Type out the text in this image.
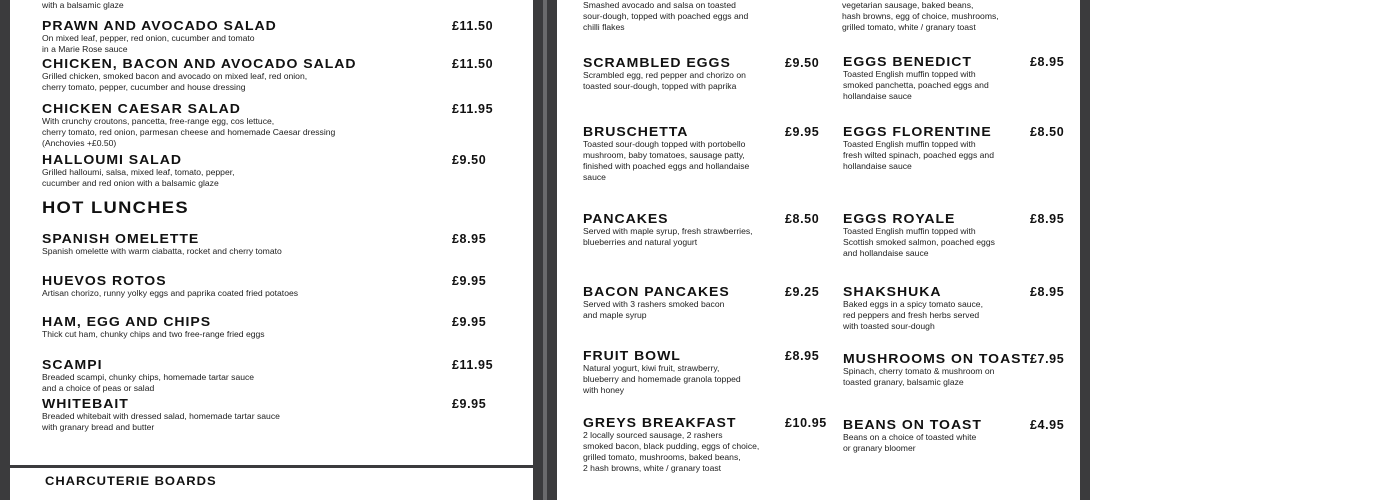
with a balsamic glaze
HOT LUNCHES
PRAWN AND AVOCADO SALAD
On mixed leaf, pepper, red onion, cucumber and tomato
in a Marie Rose sauce
£11.50
CHICKEN, BACON AND AVOCADO SALAD
Grilled chicken, smoked bacon and avocado on mixed leaf, red onion,
cherry tomato, pepper, cucumber and house dressing
£11.50
CHICKEN CAESAR SALAD
With crunchy croutons, pancetta, free-range egg, cos lettuce,
cherry tomato, red onion, parmesan cheese and homemade Caesar dressing
(Anchovies +£0.50)
£11.95
HALLOUMI SALAD
Grilled halloumi, salsa, mixed leaf, tomato, pepper,
cucumber and red onion with a balsamic glaze
£9.50
SPANISH OMELETTE
Spanish omelette with warm ciabatta, rocket and cherry tomato
£8.95
HUEVOS ROTOS
Artisan chorizo, runny yolky eggs and paprika coated fried potatoes
£9.95
HAM, EGG AND CHIPS
Thick cut ham, chunky chips and two free-range fried eggs
£9.95
SCAMPI
Breaded scampi, chunky chips, homemade tartar sauce
and a choice of peas or salad
£11.95
WHITEBAIT
Breaded whitebait with dressed salad, homemade tartar sauce
with granary bread and butter
£9.95
CHARCUTERIE BOARDS
Smashed avocado and salsa on toasted
sour-dough, topped with poached eggs and
chilli flakes
vegetarian sausage, baked beans,
hash browns, egg of choice, mushrooms,
grilled tomato, white / granary toast
SCRAMBLED EGGS
Scrambled egg, red pepper and chorizo on
toasted sour-dough, topped with paprika
£9.50
BRUSCHETTA
Toasted sour-dough topped with portobello
mushroom, baby tomatoes, sausage patty,
finished with poached eggs and hollandaise
sauce
£9.95
PANCAKES
Served with maple syrup, fresh strawberries,
blueberries and natural yogurt
£8.50
BACON PANCAKES
Served with 3 rashers smoked bacon
and maple syrup
£9.25
FRUIT BOWL
Natural yogurt, kiwi fruit, strawberry,
blueberry and homemade granola topped
with honey
£8.95
GREYS BREAKFAST
2 locally sourced sausage, 2 rashers
smoked bacon, black pudding, eggs of choice,
grilled tomato, mushrooms, baked beans,
2 hash browns, white / granary toast
£10.95
EGGS BENEDICT
Toasted English muffin topped with
smoked panchetta, poached eggs and
hollandaise sauce
£8.95
EGGS FLORENTINE
Toasted English muffin topped with
fresh wilted spinach, poached eggs and
hollandaise sauce
£8.50
EGGS ROYALE
Toasted English muffin topped with
Scottish smoked salmon, poached eggs
and hollandaise sauce
£8.95
SHAKSHUKA
Baked eggs in a spicy tomato sauce,
red peppers and fresh herbs served
with toasted sour-dough
£8.95
MUSHROOMS ON TOAST
Spinach, cherry tomato & mushroom on
toasted granary, balsamic glaze
£7.95
BEANS ON TOAST
Beans on a choice of toasted white
or granary bloomer
£4.95
